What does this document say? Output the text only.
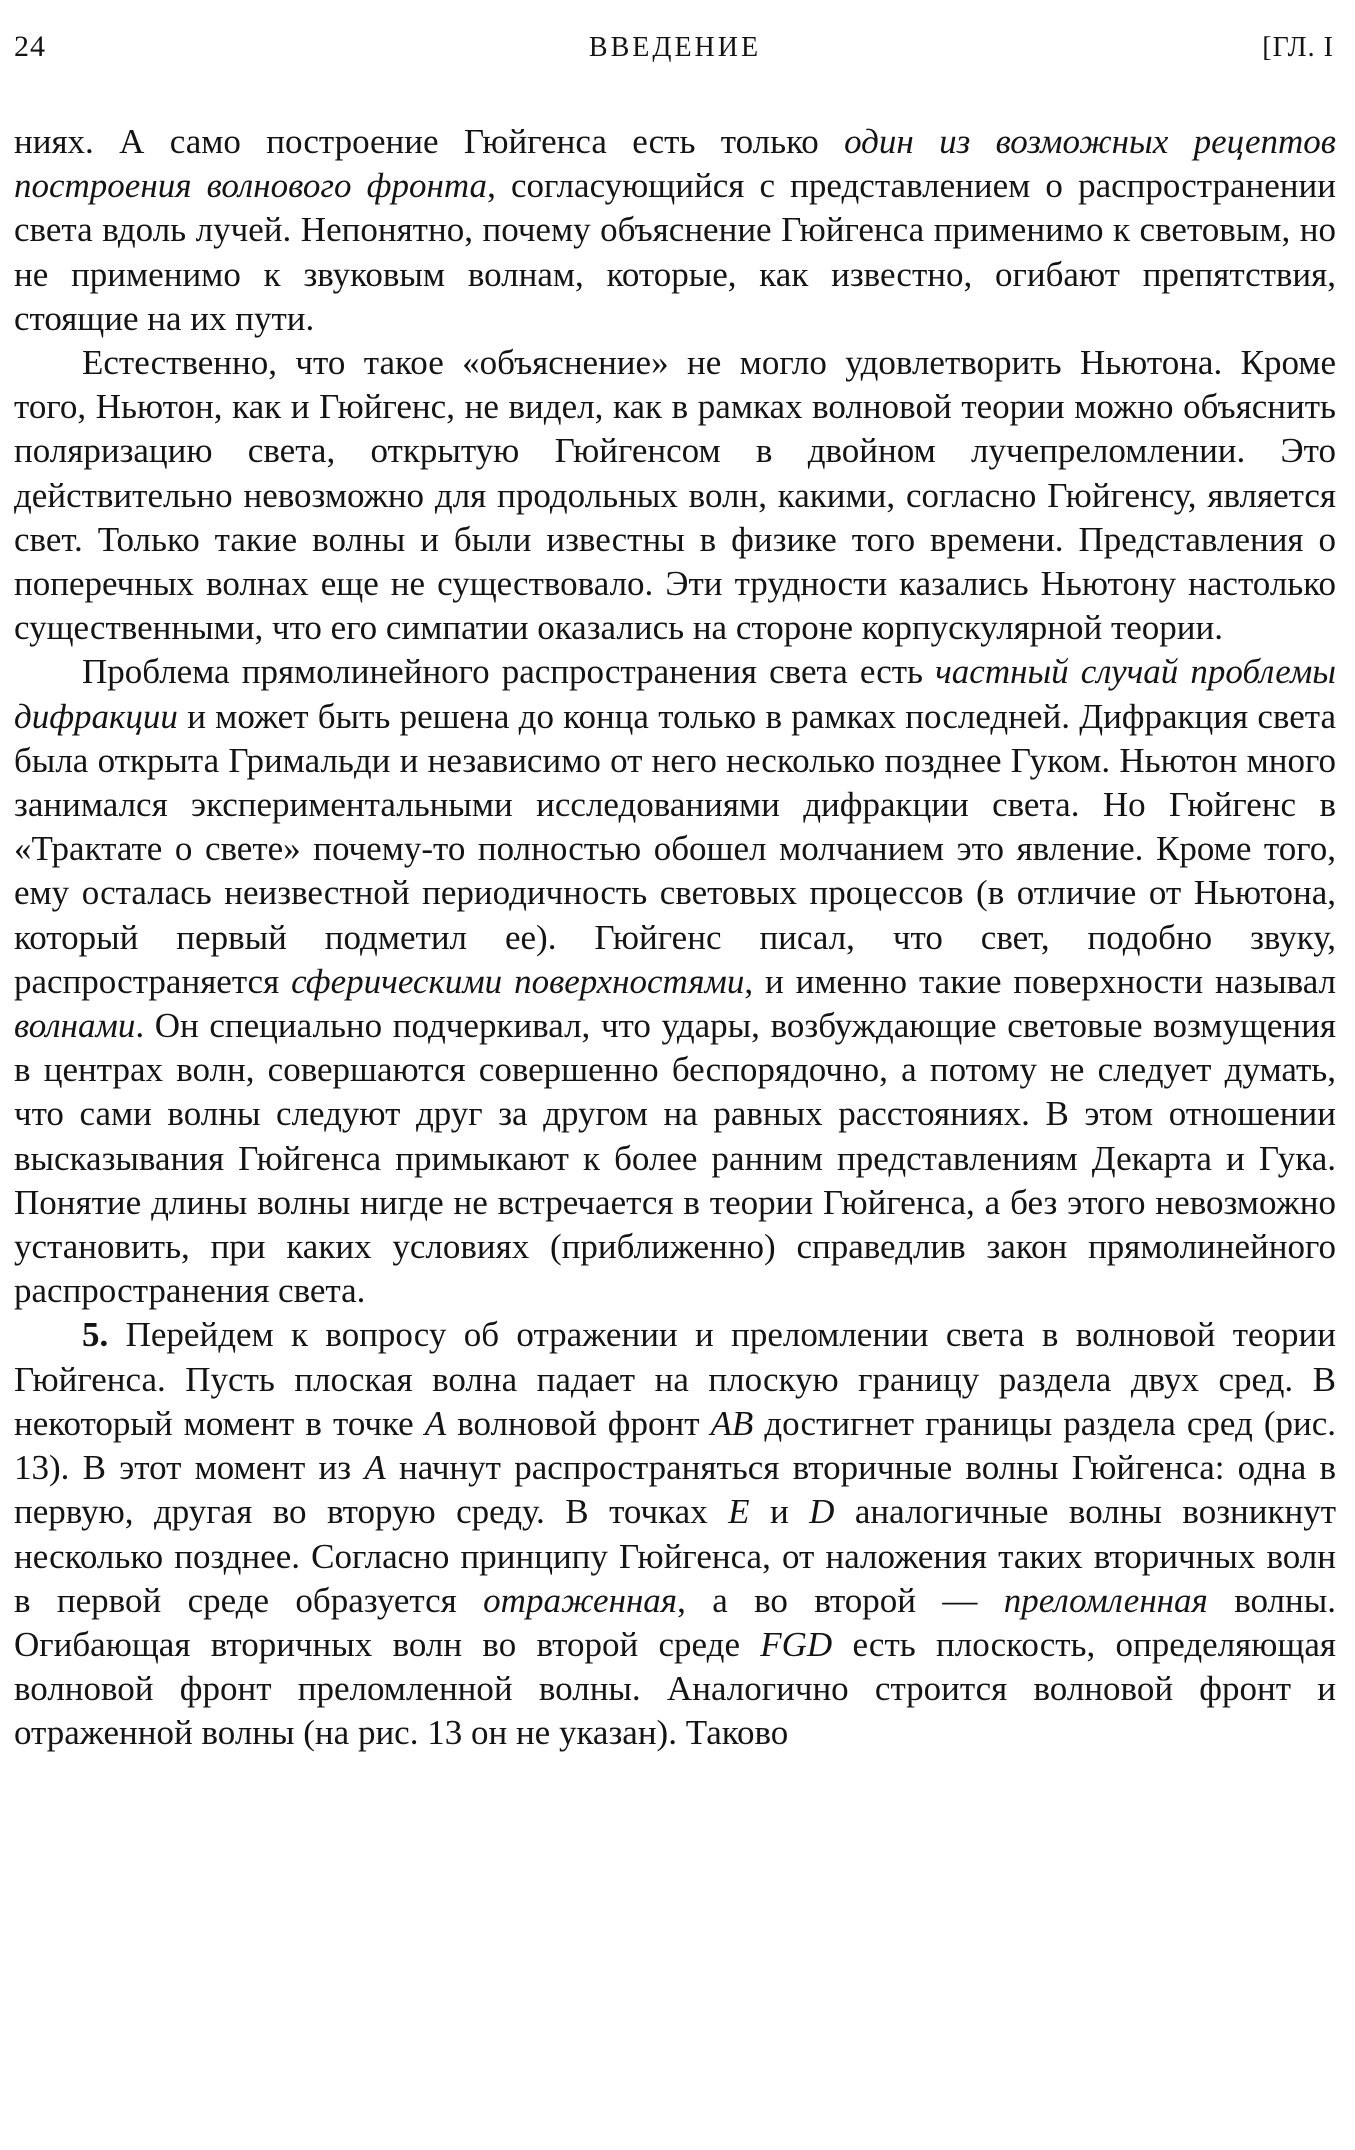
24	ВВЕДЕНИЕ	[ГЛ. I

ниях. А само построение Гюйгенса есть только один из возможных рецептов построения волнового фронта, согласующийся с представлением о распространении света вдоль лучей. Непонятно, почему объяснение Гюйгенса применимо к световым, но не применимо к звуковым волнам, которые, как известно, огибают препятствия, стоящие на их пути.

Естественно, что такое «объяснение» не могло удовлетворить Ньютона. Кроме того, Ньютон, как и Гюйгенс, не видел, как в рамках волновой теории можно объяснить поляризацию света, открытую Гюйгенсом в двойном лучепреломлении. Это действительно невозможно для продольных волн, какими, согласно Гюйгенсу, является свет. Только такие волны и были известны в физике того времени. Представления о поперечных волнах еще не существовало. Эти трудности казались Ньютону настолько существенными, что его симпатии оказались на стороне корпускулярной теории.

Проблема прямолинейного распространения света есть частный случай проблемы дифракции и может быть решена до конца только в рамках последней. Дифракция света была открыта Гримальди и независимо от него несколько позднее Гуком. Ньютон много занимался экспериментальными исследованиями дифракции света. Но Гюйгенс в «Трактате о свете» почему-то полностью обошел молчанием это явление. Кроме того, ему осталась неизвестной периодичность световых процессов (в отличие от Ньютона, который первый подметил ее). Гюйгенс писал, что свет, подобно звуку, распространяется сферическими поверхностями, и именно такие поверхности называл волнами. Он специально подчеркивал, что удары, возбуждающие световые возмущения в центрах волн, совершаются совершенно беспорядочно, а потому не следует думать, что сами волны следуют друг за другом на равных расстояниях. В этом отношении высказывания Гюйгенса примыкают к более ранним представлениям Декарта и Гука. Понятие длины волны нигде не встречается в теории Гюйгенса, а без этого невозможно установить, при каких условиях (приближенно) справедлив закон прямолинейного распространения света.

5. Перейдем к вопросу об отражении и преломлении света в волновой теории Гюйгенса. Пусть плоская волна падает на плоскую границу раздела двух сред. В некоторый момент в точке A волновой фронт AB достигнет границы раздела сред (рис. 13). В этот момент из A начнут распространяться вторичные волны Гюйгенса: одна в первую, другая во вторую среду. В точках E и D аналогичные волны возникнут несколько позднее. Согласно принципу Гюйгенса, от наложения таких вторичных волн в первой среде образуется отраженная, а во второй — преломленная волны. Огибающая вторичных волн во второй среде FGD есть плоскость, определяющая волновой фронт преломленной волны. Аналогично строится волновой фронт и отраженной волны (на рис. 13 он не указан). Таково
